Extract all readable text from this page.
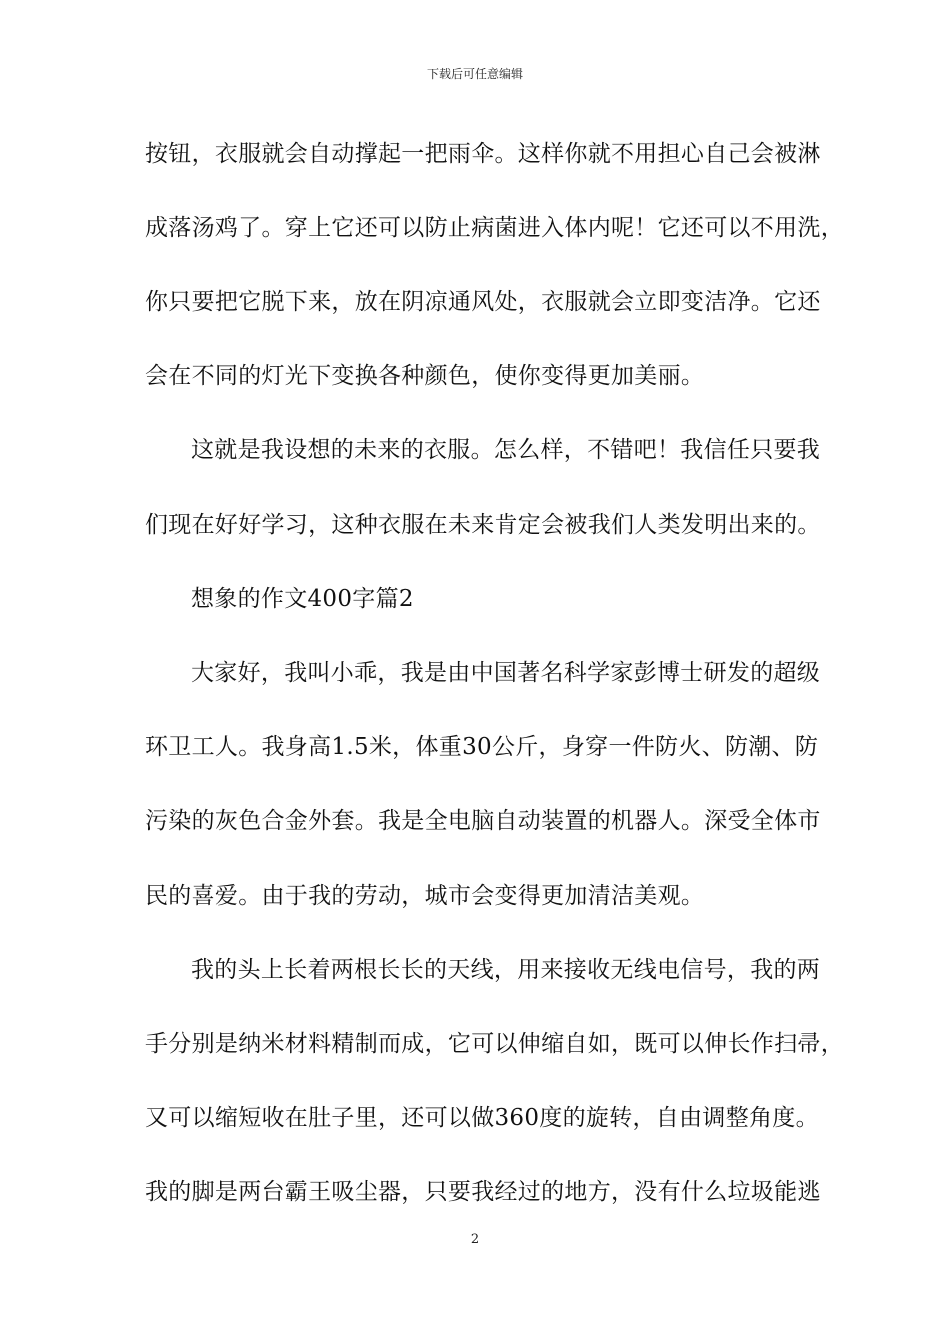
下载后可任意编辑
按钮，衣服就会自动撑起一把雨伞。这样你就不用担心自己会被淋
成落汤鸡了。穿上它还可以防止病菌进入体内呢！它还可以不用洗，
你只要把它脱下来，放在阴凉通风处，衣服就会立即变洁净。它还
会在不同的灯光下变换各种颜色，使你变得更加美丽。
这就是我设想的未来的衣服。怎么样，不错吧！我信任只要我
们现在好好学习，这种衣服在未来肯定会被我们人类发明出来的。
想象的作文400字篇2
大家好，我叫小乖，我是由中国著名科学家彭博士研发的超级
环卫工人。我身高1.5米，体重30公斤，身穿一件防火、防潮、防
污染的灰色合金外套。我是全电脑自动装置的机器人。深受全体市
民的喜爱。由于我的劳动，城市会变得更加清洁美观。
我的头上长着两根长长的天线，用来接收无线电信号，我的两
手分别是纳米材料精制而成，它可以伸缩自如，既可以伸长作扫帚，
又可以缩短收在肚子里，还可以做360度的旋转，自由调整角度。
我的脚是两台霸王吸尘器，只要我经过的地方，没有什么垃圾能逃
2
